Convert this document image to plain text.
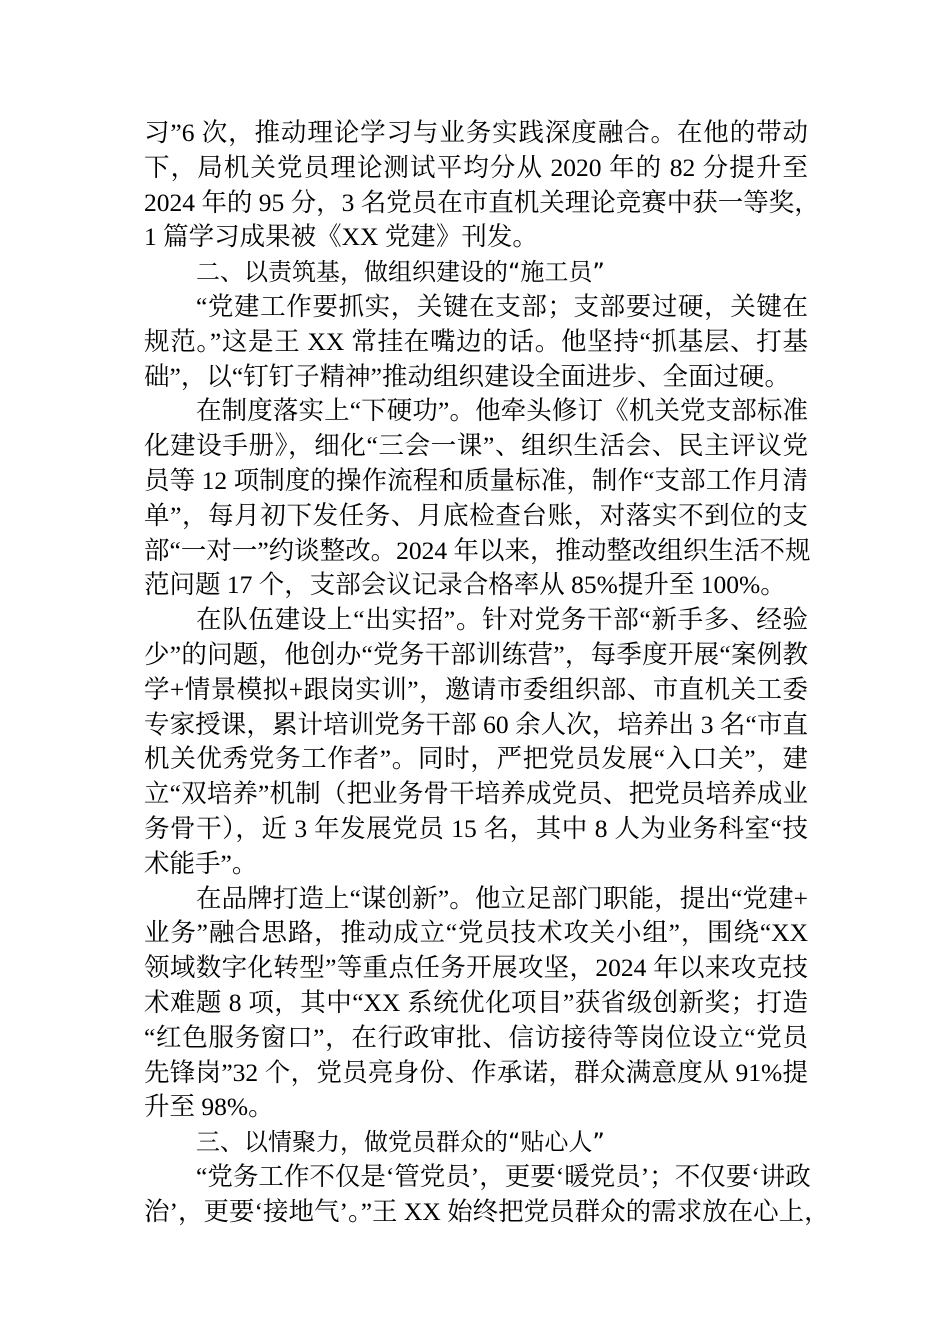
习”6 次，推动理论学习与业务实践深度融合。在他的带动
下，局机关党员理论测试平均分从 2020 年的 82 分提升至
2024 年的 95 分，3 名党员在市直机关理论竞赛中获一等奖，
1 篇学习成果被《XX 党建》刊发。
二、以责筑基，做组织建设的“施工员”
“党建工作要抓实，关键在支部；支部要过硬，关键在
规范。”这是王 XX 常挂在嘴边的话。他坚持“抓基层、打基
础”，以“钉钉子精神”推动组织建设全面进步、全面过硬。
在制度落实上“下硬功”。他牵头修订《机关党支部标准
化建设手册》，细化“三会一课”、组织生活会、民主评议党
员等 12 项制度的操作流程和质量标准，制作“支部工作月清
单”，每月初下发任务、月底检查台账，对落实不到位的支
部“一对一”约谈整改。2024 年以来，推动整改组织生活不规
范问题 17 个，支部会议记录合格率从 85%提升至 100%。
在队伍建设上“出实招”。针对党务干部“新手多、经验
少”的问题，他创办“党务干部训练营”，每季度开展“案例教
学+情景模拟+跟岗实训”，邀请市委组织部、市直机关工委
专家授课，累计培训党务干部 60 余人次，培养出 3 名“市直
机关优秀党务工作者”。同时，严把党员发展“入口关”，建
立“双培养”机制（把业务骨干培养成党员、把党员培养成业
务骨干），近 3 年发展党员 15 名，其中 8 人为业务科室“技
术能手”。
在品牌打造上“谋创新”。他立足部门职能，提出“党建+
业务”融合思路，推动成立“党员技术攻关小组”，围绕“XX
领域数字化转型”等重点任务开展攻坚，2024 年以来攻克技
术难题 8 项，其中“XX 系统优化项目”获省级创新奖；打造
“红色服务窗口”，在行政审批、信访接待等岗位设立“党员
先锋岗”32 个，党员亮身份、作承诺，群众满意度从 91%提
升至 98%。
三、以情聚力，做党员群众的“贴心人”
“党务工作不仅是‘管党员’，更要‘暖党员’；不仅要‘讲政
治’，更要‘接地气’。”王 XX 始终把党员群众的需求放在心上，
